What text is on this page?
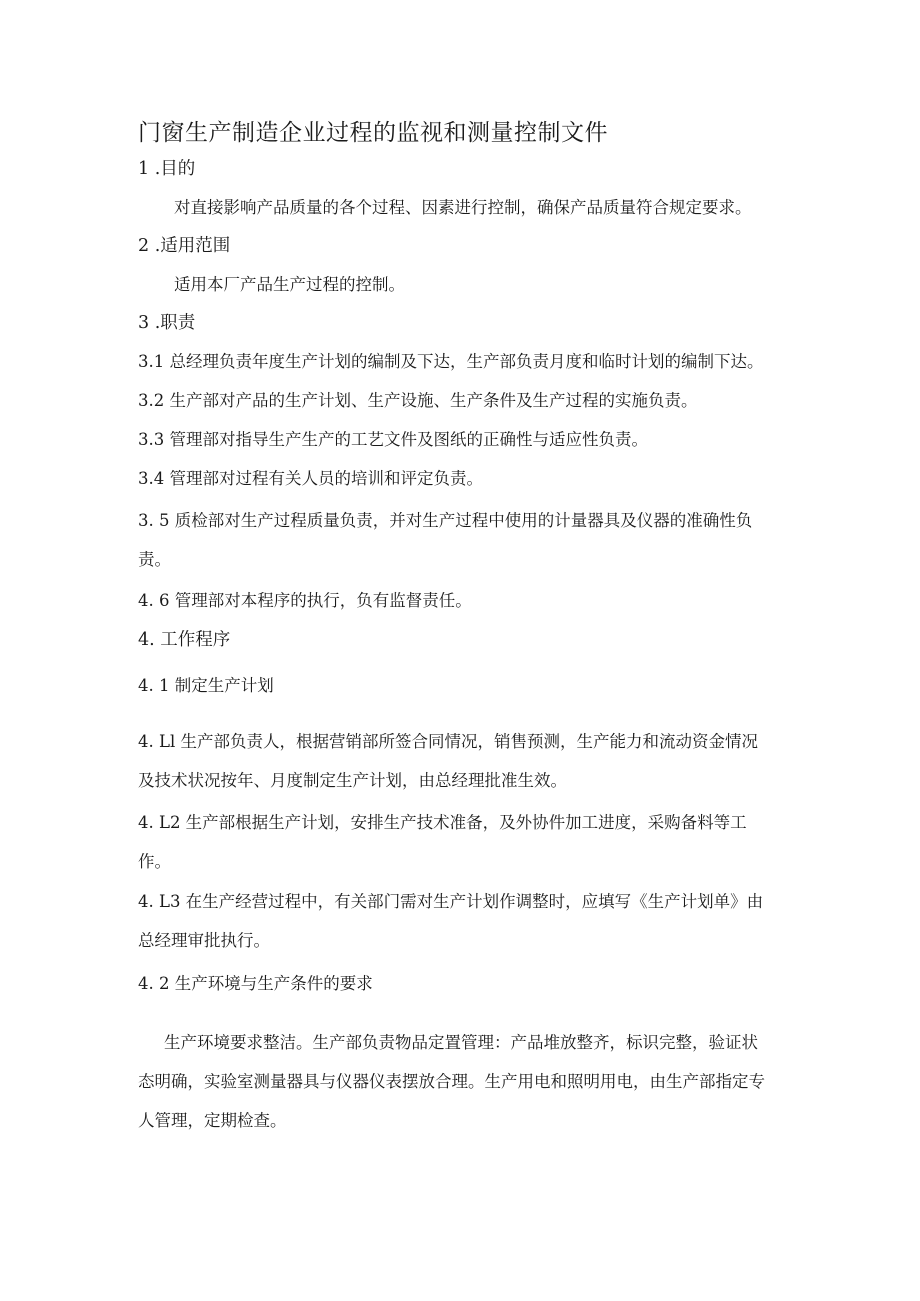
门窗生产制造企业过程的监视和测量控制文件
1 .目的
对直接影响产品质量的各个过程、因素进行控制，确保产品质量符合规定要求。
2 .适用范围
适用本厂产品生产过程的控制。
3 .职责
3.1 总经理负责年度生产计划的编制及下达，生产部负责月度和临时计划的编制下达。
3.2 生产部对产品的生产计划、生产设施、生产条件及生产过程的实施负责。
3.3 管理部对指导生产生产的工艺文件及图纸的正确性与适应性负责。
3.4 管理部对过程有关人员的培训和评定负责。
3. 5 质检部对生产过程质量负责，并对生产过程中使用的计量器具及仪器的准确性负
责。
4. 6 管理部对本程序的执行，负有监督责任。
4. 工作程序
4. 1 制定生产计划
4. Ll 生产部负责人，根据营销部所签合同情况，销售预测，生产能力和流动资金情况
及技术状况按年、月度制定生产计划，由总经理批准生效。
4. L2 生产部根据生产计划，安排生产技术准备，及外协件加工进度，采购备料等工
作。
4. L3 在生产经营过程中，有关部门需对生产计划作调整时，应填写《生产计划单》由
总经理审批执行。
4. 2 生产环境与生产条件的要求
生产环境要求整洁。生产部负责物品定置管理：产品堆放整齐，标识完整，验证状
态明确，实验室测量器具与仪器仪表摆放合理。生产用电和照明用电，由生产部指定专
人管理，定期检查。
